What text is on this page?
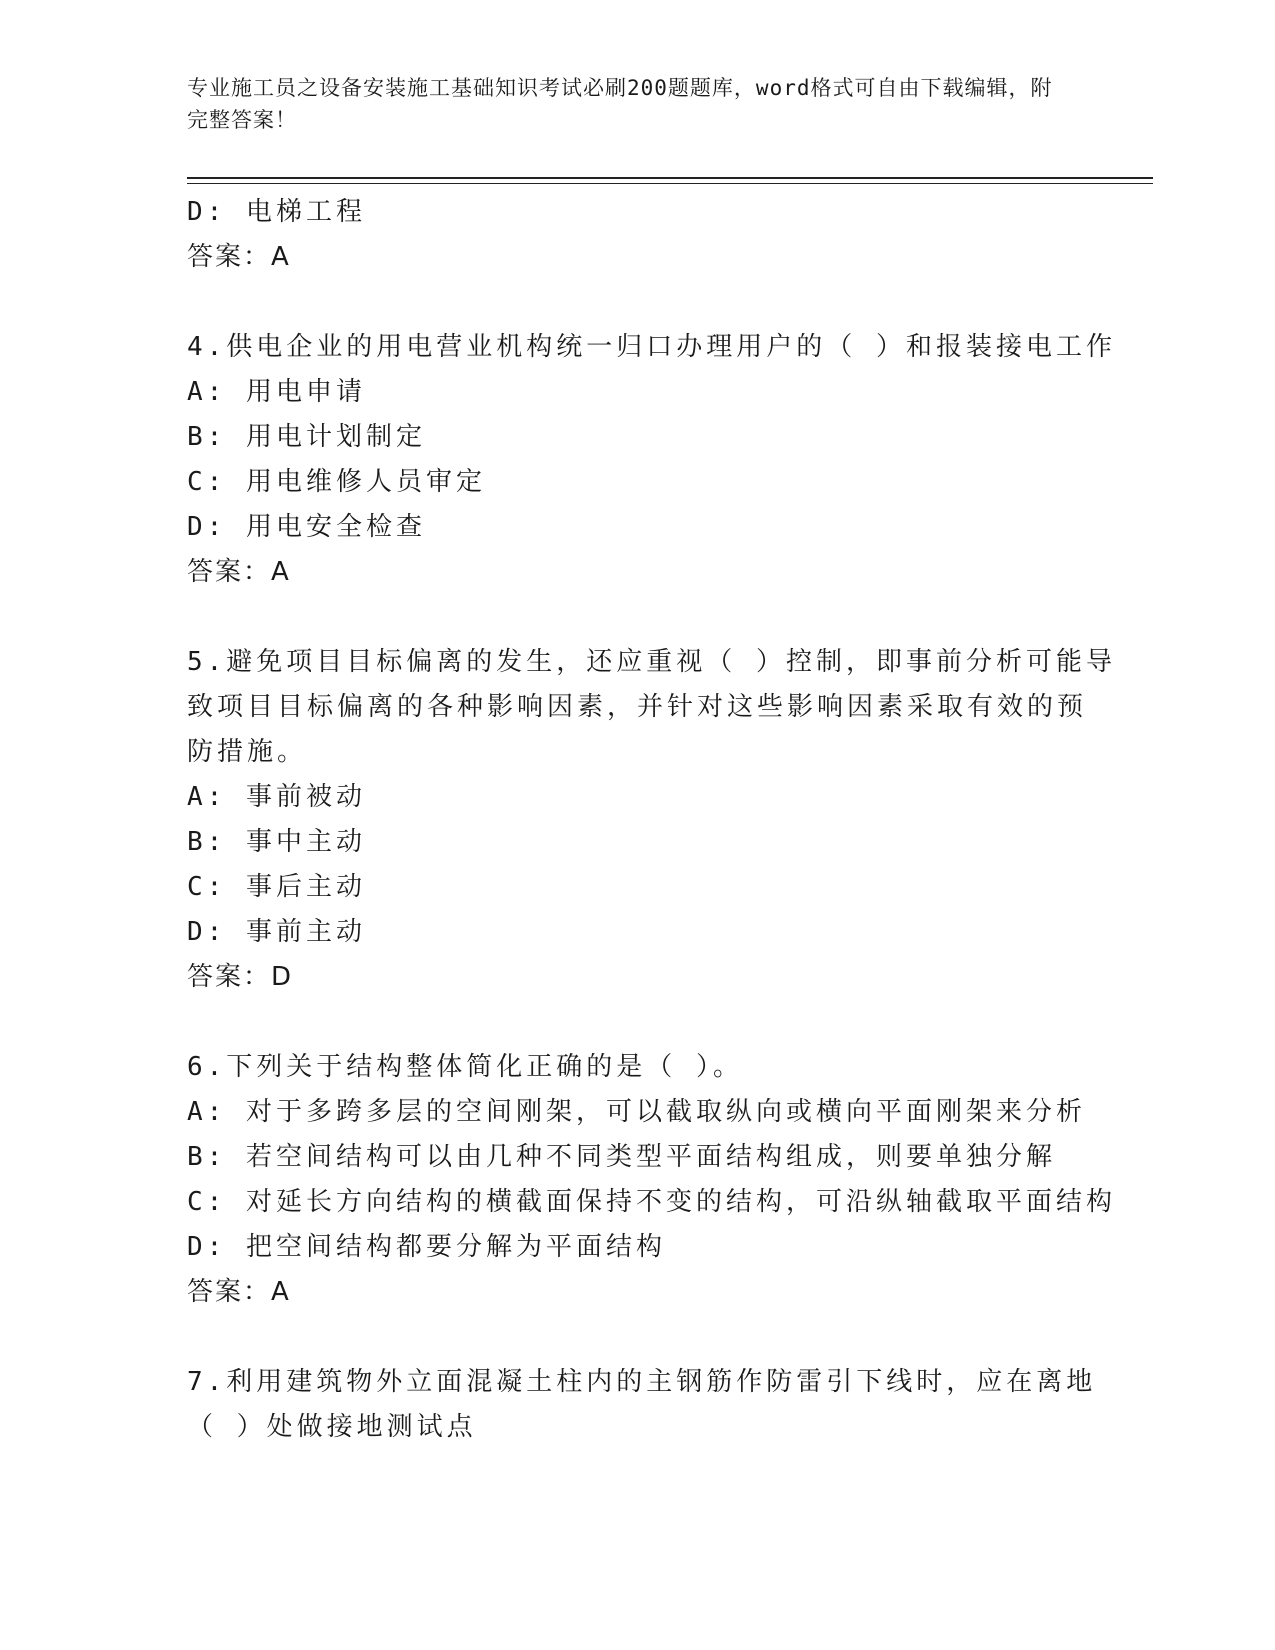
专业施工员之设备安装施工基础知识考试必刷200题题库，word格式可自由下载编辑，附完整答案！
D: 电梯工程
答案：A
4.供电企业的用电营业机构统一归口办理用户的（ ）和报装接电工作
A: 用电申请
B: 用电计划制定
C: 用电维修人员审定
D: 用电安全检查
答案：A
5.避免项目目标偏离的发生，还应重视（ ）控制，即事前分析可能导
致项目目标偏离的各种影响因素，并针对这些影响因素采取有效的预
防措施。
A: 事前被动
B: 事中主动
C: 事后主动
D: 事前主动
答案：D
6.下列关于结构整体简化正确的是（ ）。
A: 对于多跨多层的空间刚架，可以截取纵向或横向平面刚架来分析
B: 若空间结构可以由几种不同类型平面结构组成，则要单独分解
C: 对延长方向结构的横截面保持不变的结构，可沿纵轴截取平面结构
D: 把空间结构都要分解为平面结构
答案：A
7.利用建筑物外立面混凝土柱内的主钢筋作防雷引下线时，应在离地
（ ）处做接地测试点
